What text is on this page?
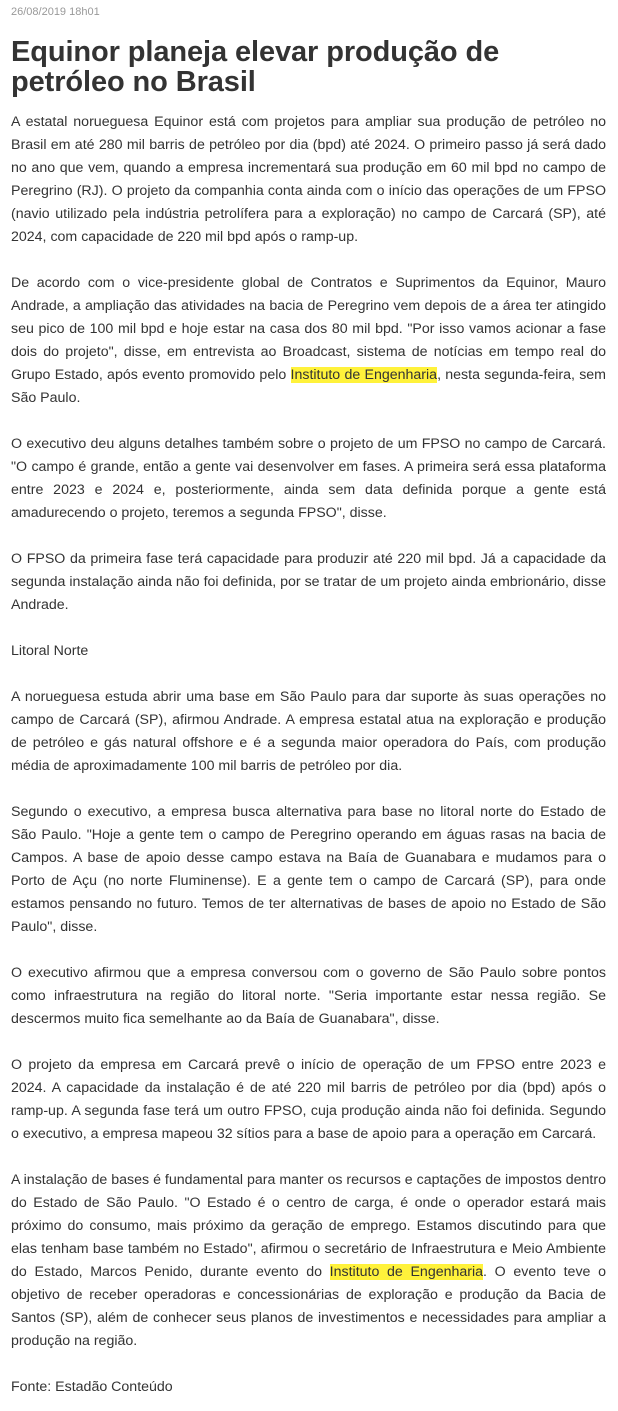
26/08/2019 18h01
Equinor planeja elevar produção de petróleo no Brasil

A estatal norueguesa Equinor está com projetos para ampliar sua produção de petróleo no Brasil em até 280 mil barris de petróleo por dia (bpd) até 2024. O primeiro passo já será dado no ano que vem, quando a empresa incrementará sua produção em 60 mil bpd no campo de Peregrino (RJ). O projeto da companhia conta ainda com o início das operações de um FPSO (navio utilizado pela indústria petrolífera para a exploração) no campo de Carcará (SP), até 2024, com capacidade de 220 mil bpd após o ramp-up.

De acordo com o vice-presidente global de Contratos e Suprimentos da Equinor, Mauro Andrade, a ampliação das atividades na bacia de Peregrino vem depois de a área ter atingido seu pico de 100 mil bpd e hoje estar na casa dos 80 mil bpd. "Por isso vamos acionar a fase dois do projeto", disse, em entrevista ao Broadcast, sistema de notícias em tempo real do Grupo Estado, após evento promovido pelo Instituto de Engenharia, nesta segunda-feira, sem São Paulo.

O executivo deu alguns detalhes também sobre o projeto de um FPSO no campo de Carcará. "O campo é grande, então a gente vai desenvolver em fases. A primeira será essa plataforma entre 2023 e 2024 e, posteriormente, ainda sem data definida porque a gente está amadurecendo o projeto, teremos a segunda FPSO", disse.

O FPSO da primeira fase terá capacidade para produzir até 220 mil bpd. Já a capacidade da segunda instalação ainda não foi definida, por se tratar de um projeto ainda embrionário, disse Andrade.

Litoral Norte

A norueguesa estuda abrir uma base em São Paulo para dar suporte às suas operações no campo de Carcará (SP), afirmou Andrade. A empresa estatal atua na exploração e produção de petróleo e gás natural offshore e é a segunda maior operadora do País, com produção média de aproximadamente 100 mil barris de petróleo por dia.

Segundo o executivo, a empresa busca alternativa para base no litoral norte do Estado de São Paulo. "Hoje a gente tem o campo de Peregrino operando em águas rasas na bacia de Campos. A base de apoio desse campo estava na Baía de Guanabara e mudamos para o Porto de Açu (no norte Fluminense). E a gente tem o campo de Carcará (SP), para onde estamos pensando no futuro. Temos de ter alternativas de bases de apoio no Estado de São Paulo", disse.

O executivo afirmou que a empresa conversou com o governo de São Paulo sobre pontos como infraestrutura na região do litoral norte. "Seria importante estar nessa região. Se descermos muito fica semelhante ao da Baía de Guanabara", disse.

O projeto da empresa em Carcará prevê o início de operação de um FPSO entre 2023 e 2024. A capacidade da instalação é de até 220 mil barris de petróleo por dia (bpd) após o ramp-up. A segunda fase terá um outro FPSO, cuja produção ainda não foi definida. Segundo o executivo, a empresa mapeou 32 sítios para a base de apoio para a operação em Carcará.

A instalação de bases é fundamental para manter os recursos e captações de impostos dentro do Estado de São Paulo. "O Estado é o centro de carga, é onde o operador estará mais próximo do consumo, mais próximo da geração de emprego. Estamos discutindo para que elas tenham base também no Estado", afirmou o secretário de Infraestrutura e Meio Ambiente do Estado, Marcos Penido, durante evento do Instituto de Engenharia. O evento teve o objetivo de receber operadoras e concessionárias de exploração e produção da Bacia de Santos (SP), além de conhecer seus planos de investimentos e necessidades para ampliar a produção na região.

Fonte: Estadão Conteúdo
